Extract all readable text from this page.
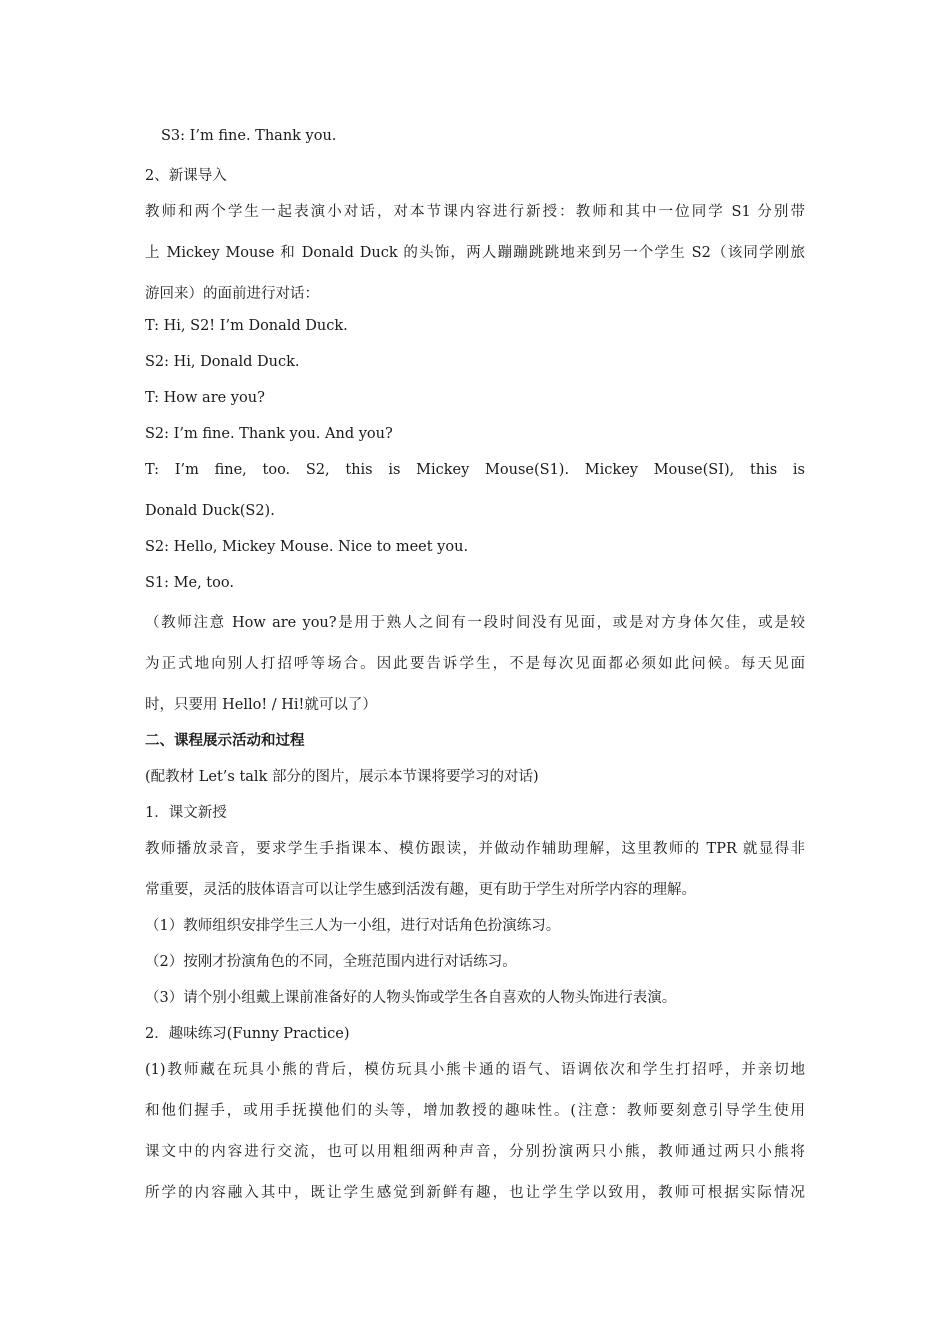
S3: I’m fine. Thank you.
2、新课导入
教师和两个学生一起表演小对话，对本节课内容进行新授：教师和其中一位同学 S1 分别带
上 Mickey Mouse 和 Donald Duck 的头饰，两人蹦蹦跳跳地来到另一个学生 S2（该同学刚旅
游回来）的面前进行对话：
T: Hi, S2! I’m Donald Duck.
S2: Hi, Donald Duck.
T: How are you?
S2: I’m fine. Thank you. And you?
T: I’m fine, too. S2, this is Mickey Mouse(S1). Mickey Mouse(SI), this is
Donald Duck(S2).
S2: Hello, Mickey Mouse. Nice to meet you.
S1: Me, too.
（教师注意 How are you?是用于熟人之间有一段时间没有见面，或是对方身体欠佳，或是较
为正式地向别人打招呼等场合。因此要告诉学生，不是每次见面都必须如此问候。每天见面
时，只要用 Hello! / Hi!就可以了）
二、课程展示活动和过程
(配教材 Let’s talk 部分的图片，展示本节课将要学习的对话)
1．课文新授
教师播放录音，要求学生手指课本、模仿跟读，并做动作辅助理解，这里教师的 TPR 就显得非
常重要，灵活的肢体语言可以让学生感到活泼有趣，更有助于学生对所学内容的理解。
（1）教师组织安排学生三人为一小组，进行对话角色扮演练习。
（2）按刚才扮演角色的不同，全班范围内进行对话练习。
（3）请个别小组戴上课前准备好的人物头饰或学生各自喜欢的人物头饰进行表演。
2．趣味练习(Funny Practice)
(1)教师藏在玩具小熊的背后，模仿玩具小熊卡通的语气、语调依次和学生打招呼，并亲切地
和他们握手，或用手抚摸他们的头等，增加教授的趣味性。(注意：教师要刻意引导学生使用
课文中的内容进行交流，也可以用粗细两种声音，分别扮演两只小熊，教师通过两只小熊将
所学的内容融入其中，既让学生感觉到新鲜有趣，也让学生学以致用，教师可根据实际情况
